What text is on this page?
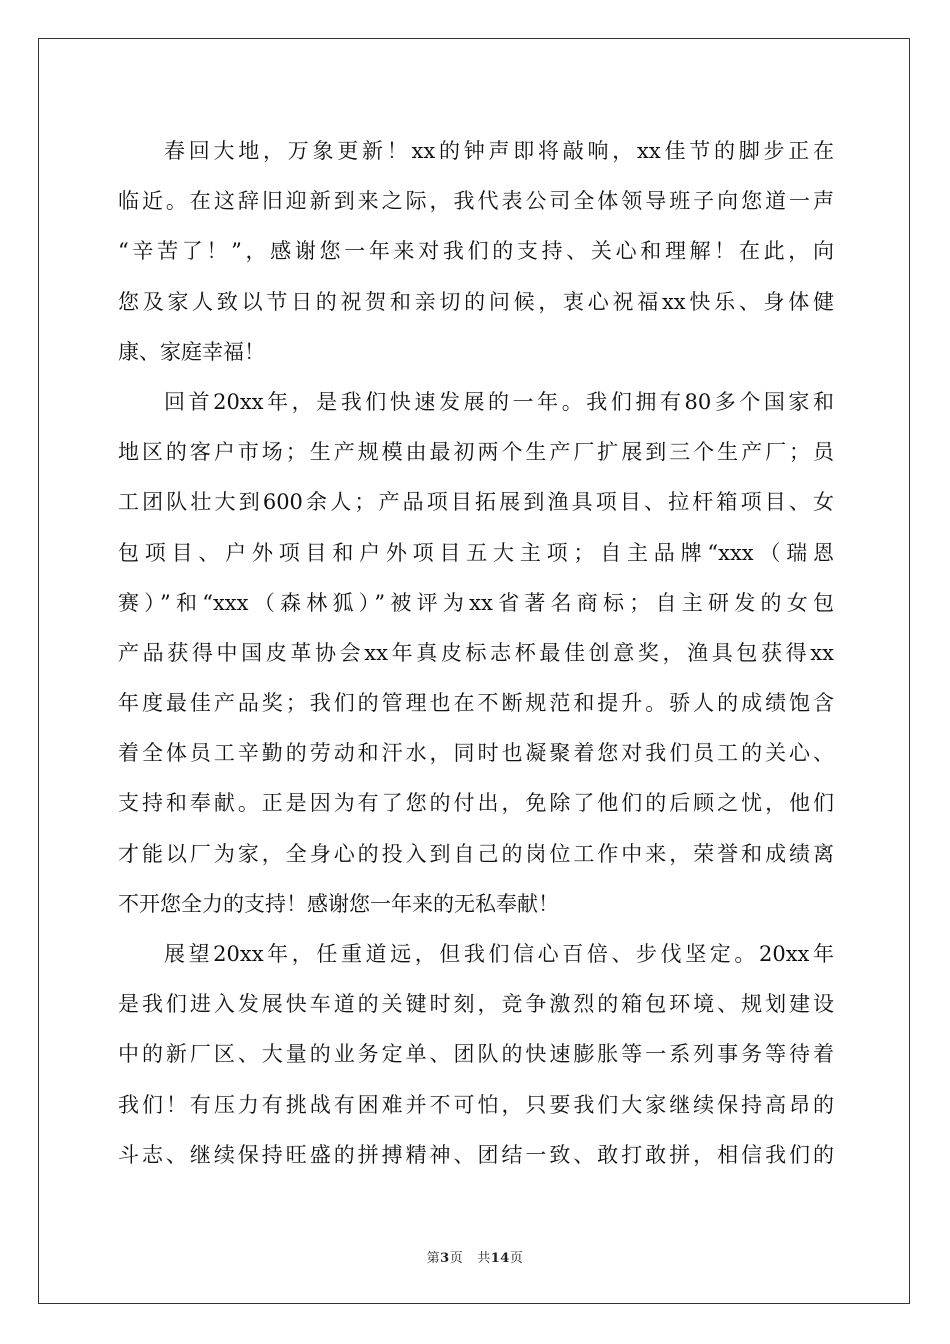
春回大地，万象更新！xx的钟声即将敲响，xx佳节的脚步正在
临近。在这辞旧迎新到来之际，我代表公司全体领导班子向您道一声
“辛苦了！”，感谢您一年来对我们的支持、关心和理解！在此，向
您及家人致以节日的祝贺和亲切的问候，衷心祝福xx快乐、身体健
康、家庭幸福！
回首20xx年，是我们快速发展的一年。我们拥有80多个国家和
地区的客户市场；生产规模由最初两个生产厂扩展到三个生产厂；员
工团队壮大到600余人；产品项目拓展到渔具项目、拉杆箱项目、女
包项目、户外项目和户外项目五大主项；自主品牌“xxx（瑞恩
赛）”和“xxx（森林狐）”被评为xx省著名商标；自主研发的女包
产品获得中国皮革协会xx年真皮标志杯最佳创意奖，渔具包获得xx
年度最佳产品奖；我们的管理也在不断规范和提升。骄人的成绩饱含
着全体员工辛勤的劳动和汗水，同时也凝聚着您对我们员工的关心、
支持和奉献。正是因为有了您的付出，免除了他们的后顾之忧，他们
才能以厂为家，全身心的投入到自己的岗位工作中来，荣誉和成绩离
不开您全力的支持！感谢您一年来的无私奉献！
展望20xx年，任重道远，但我们信心百倍、步伐坚定。20xx年
是我们进入发展快车道的关键时刻，竞争激烈的箱包环境、规划建设
中的新厂区、大量的业务定单、团队的快速膨胀等一系列事务等待着
我们！有压力有挑战有困难并不可怕，只要我们大家继续保持高昂的
斗志、继续保持旺盛的拼搏精神、团结一致、敢打敢拼，相信我们的
第3页 共14页
